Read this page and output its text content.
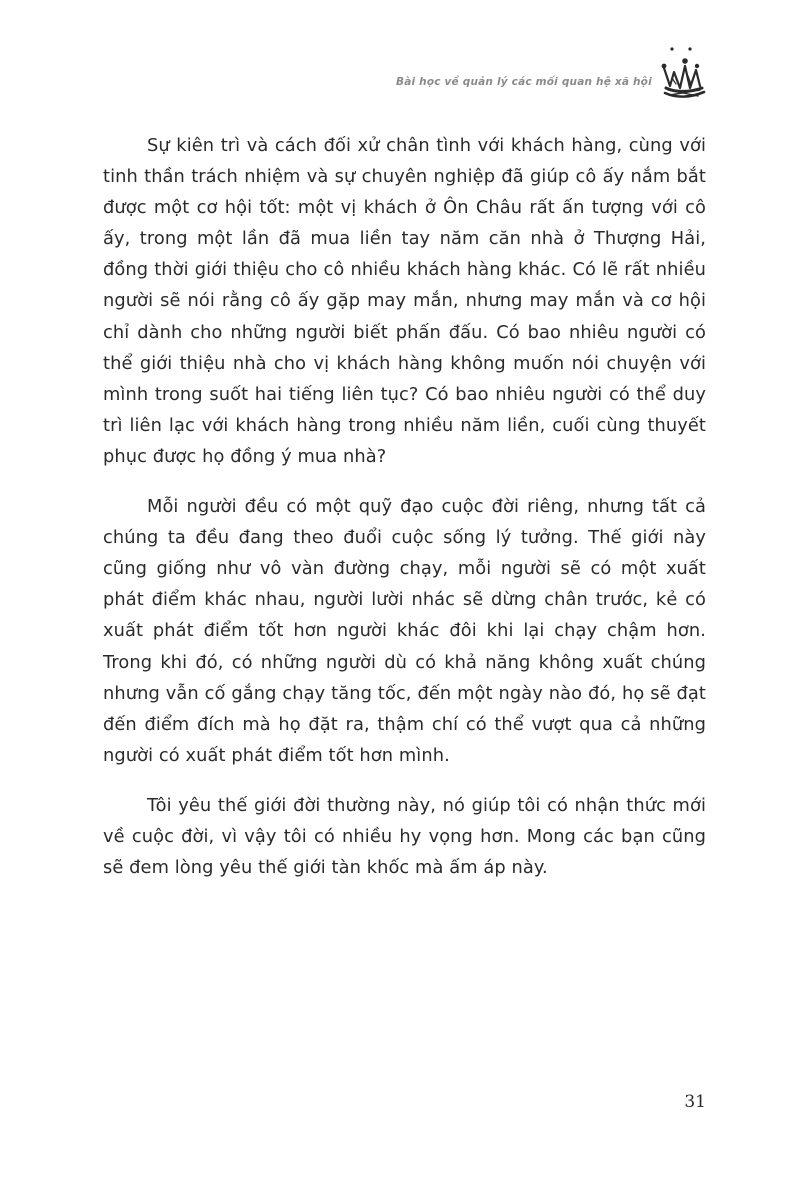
Bài học về quản lý các mối quan hệ xã hội

Sự kiên trì và cách đối xử chân tình với khách hàng, cùng với tinh thần trách nhiệm và sự chuyên nghiệp đã giúp cô ấy nắm bắt được một cơ hội tốt: một vị khách ở Ôn Châu rất ấn tượng với cô ấy, trong một lần đã mua liền tay năm căn nhà ở Thượng Hải, đồng thời giới thiệu cho cô nhiều khách hàng khác. Có lẽ rất nhiều người sẽ nói rằng cô ấy gặp may mắn, nhưng may mắn và cơ hội chỉ dành cho những người biết phấn đấu. Có bao nhiêu người có thể giới thiệu nhà cho vị khách hàng không muốn nói chuyện với mình trong suốt hai tiếng liên tục? Có bao nhiêu người có thể duy trì liên lạc với khách hàng trong nhiều năm liền, cuối cùng thuyết phục được họ đồng ý mua nhà?

Mỗi người đều có một quỹ đạo cuộc đời riêng, nhưng tất cả chúng ta đều đang theo đuổi cuộc sống lý tưởng. Thế giới này cũng giống như vô vàn đường chạy, mỗi người sẽ có một xuất phát điểm khác nhau, người lười nhác sẽ dừng chân trước, kẻ có xuất phát điểm tốt hơn người khác đôi khi lại chạy chậm hơn. Trong khi đó, có những người dù có khả năng không xuất chúng nhưng vẫn cố gắng chạy tăng tốc, đến một ngày nào đó, họ sẽ đạt đến điểm đích mà họ đặt ra, thậm chí có thể vượt qua cả những người có xuất phát điểm tốt hơn mình.

Tôi yêu thế giới đời thường này, nó giúp tôi có nhận thức mới về cuộc đời, vì vậy tôi có nhiều hy vọng hơn. Mong các bạn cũng sẽ đem lòng yêu thế giới tàn khốc mà ấm áp này.

31
